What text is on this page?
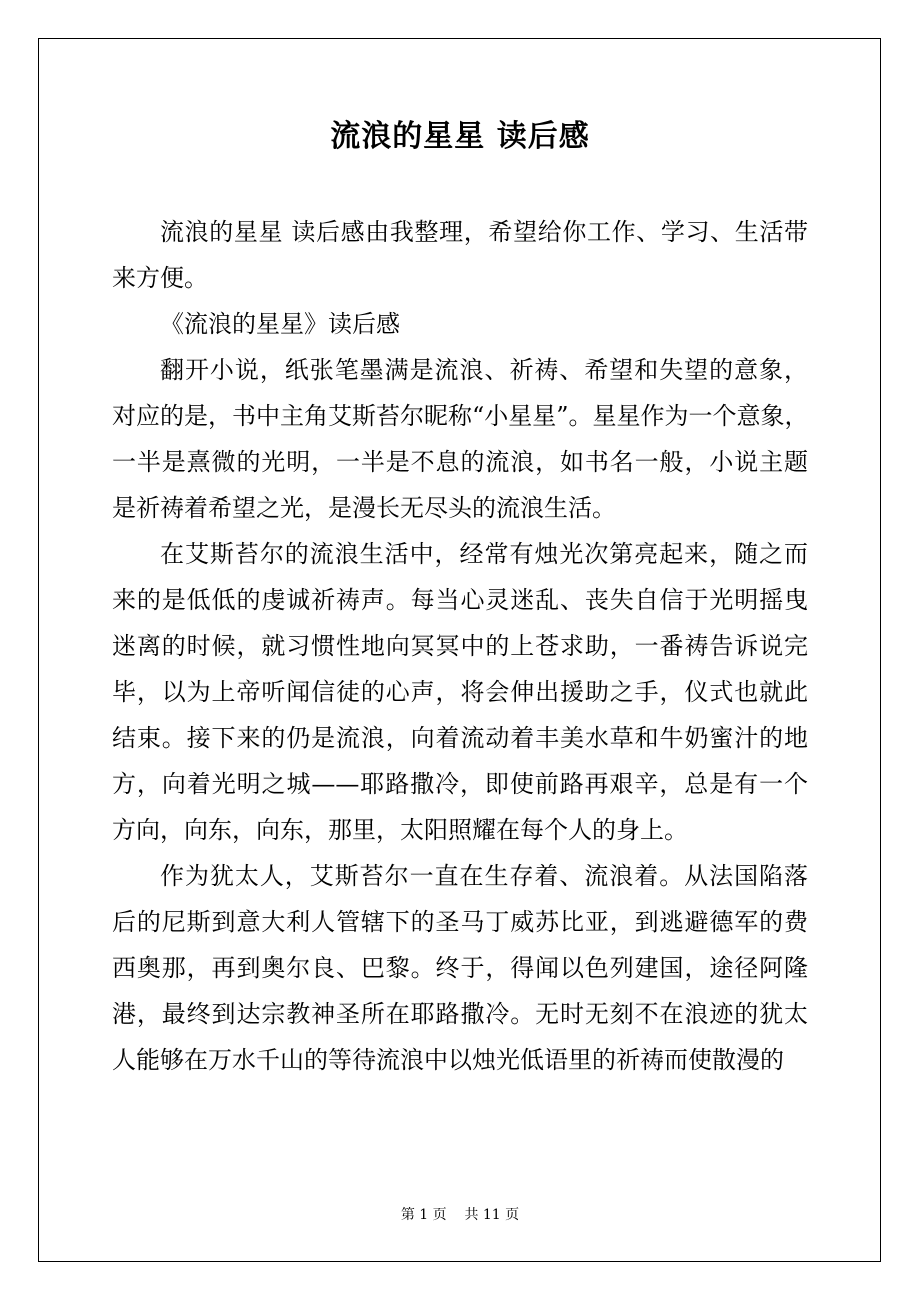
流浪的星星 读后感
流浪的星星 读后感由我整理，希望给你工作、学习、生活带
来方便。
《流浪的星星》读后感
翻开小说，纸张笔墨满是流浪、祈祷、希望和失望的意象，
对应的是，书中主角艾斯苔尔昵称“小星星”。星星作为一个意象，
一半是熹微的光明，一半是不息的流浪，如书名一般，小说主题
是祈祷着希望之光，是漫长无尽头的流浪生活。
在艾斯苔尔的流浪生活中，经常有烛光次第亮起来，随之而
来的是低低的虔诚祈祷声。每当心灵迷乱、丧失自信于光明摇曳
迷离的时候，就习惯性地向冥冥中的上苍求助，一番祷告诉说完
毕，以为上帝听闻信徒的心声，将会伸出援助之手，仪式也就此
结束。接下来的仍是流浪，向着流动着丰美水草和牛奶蜜汁的地
方，向着光明之城——耶路撒冷，即使前路再艰辛，总是有一个
方向，向东，向东，那里，太阳照耀在每个人的身上。
作为犹太人，艾斯苔尔一直在生存着、流浪着。从法国陷落
后的尼斯到意大利人管辖下的圣马丁威苏比亚，到逃避德军的费
西奥那，再到奥尔良、巴黎。终于，得闻以色列建国，途径阿隆
港，最终到达宗教神圣所在耶路撒冷。无时无刻不在浪迹的犹太
人能够在万水千山的等待流浪中以烛光低语里的祈祷而使散漫的
第 1 页 共 11 页
